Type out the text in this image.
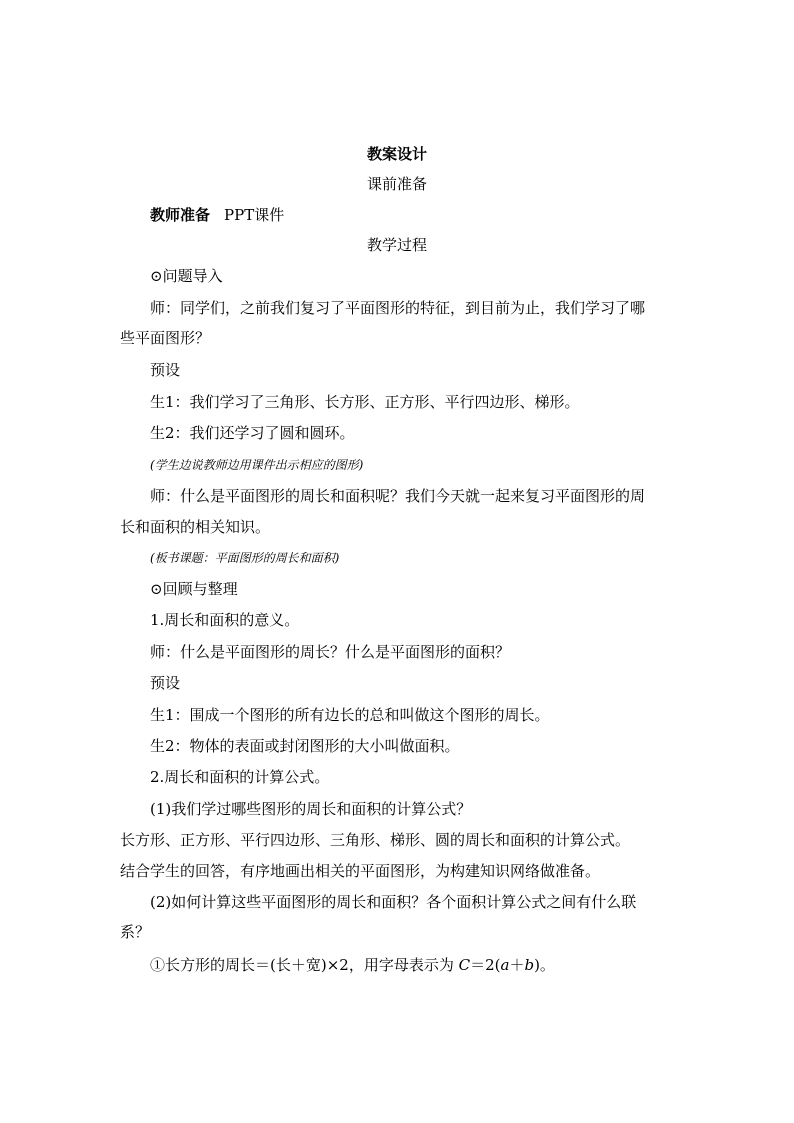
教案设计
课前准备
教师准备 PPT课件
教学过程
⊙问题导入
师：同学们，之前我们复习了平面图形的特征，到目前为止，我们学习了哪
些平面图形？
预设
生1：我们学习了三角形、长方形、正方形、平行四边形、梯形。
生2：我们还学习了圆和圆环。
(学生边说教师边用课件出示相应的图形)
师：什么是平面图形的周长和面积呢？我们今天就一起来复习平面图形的周
长和面积的相关知识。
(板书课题：平面图形的周长和面积)
⊙回顾与整理
1.周长和面积的意义。
师：什么是平面图形的周长？什么是平面图形的面积？
预设
生1：围成一个图形的所有边长的总和叫做这个图形的周长。
生2：物体的表面或封闭图形的大小叫做面积。
2.周长和面积的计算公式。
(1)我们学过哪些图形的周长和面积的计算公式？
长方形、正方形、平行四边形、三角形、梯形、圆的周长和面积的计算公式。
结合学生的回答，有序地画出相关的平面图形，为构建知识网络做准备。
(2)如何计算这些平面图形的周长和面积？各个面积计算公式之间有什么联
系？
①长方形的周长＝(长＋宽)×2，用字母表示为 C＝2(a＋b)。
